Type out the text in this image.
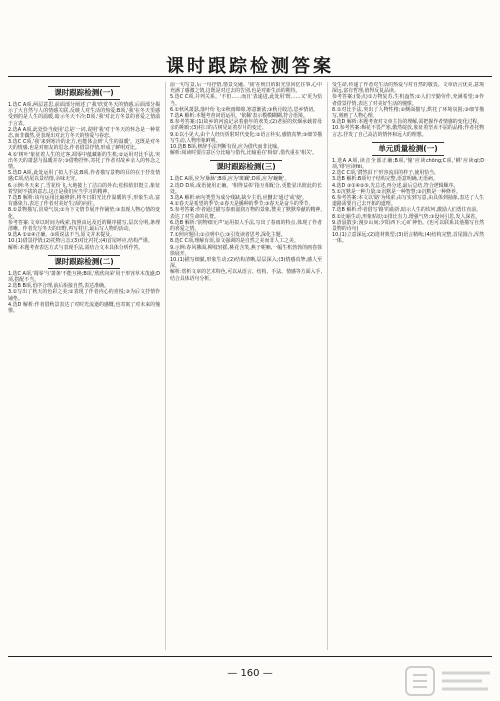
课时跟踪检测答案
课时跟踪检测(一)

1.选C A项,两层意思,前面部分阐述了'我'欣赏冬天的情感,后面部分揭示了大自然与人的情感关联,反映人对生活的热爱;B项,'我'在冬天里感受到的是人生的温暖,暗示冬天不冷;D项,'我'对北方冬景的喜爱之情溢于言表。

2.选A A项,此处恰当使用'总是'一词,说明'我'对于冬天的怀念是一种常态,而非偶然,更表现出对北方冬天的热爱与眷恋。

3.选C C项,'我'来到寒冷的北方,也能体会到'人生的温暖'。这既是对冬天的情感,也是对朋友的思念,作者借景抒情,形成了鲜明对比。

4.①'树叶'象征着人生的过客,凋零中蕴藏新的生机;②运用对比手法,突出冬天的萧瑟与温暖并存;③借物抒怀,寄托了作者对故乡亲人的怀念之情。

5.选D A项,此处运用了拟人手法;B项,作者描写景物的目的在于抒发情感;C项,结尾以景结情,余味无穷。

6.示例:冬天来了,雪花纷飞,大地披上了洁白的外衣;松柏依旧挺立,象征着坚韧不拔的意志,这正是我们应当学习的精神。

7.选B 解析:该句运用比喻修辞,将冬日阳光比作温暖的手,形象生动,富有感染力,表达了作者对美好生活的向往。

8.①景物描写,渲染气氛;②为下文情节展开作铺垫;③表现人物心情的变化。

参考答案:文章以时间为线索,按照由远及近的顺序描写,层次分明,条理清晰。作者先写冬天的田野,再写村庄,最后写人物的活动。

9.选A ①②④正确。③项说法不当,原文并未提及。

10.(1)借景抒情;(2)托物言志;(3)对比衬托;(4)首尾呼应,结构严谨。

解析:本题考查表达方式与表现手法,需结合文本具体分析作答。

课时跟踪检测(二)

1.选C A项,'凋零'与'萧条'不能互换;B项,'欣欣向荣'用于形容草木茂盛;D项,搭配不当。

2.选B B项,语序合理,前后衔接自然,表达准确。

3.①写出了秋天的色彩之美;②表现了作者内心的喜悦;③为后文抒情作铺垫。

4.选D 解析:作者借秋景表达了对时光流逝的感慨,也寄寓了对未来的憧憬。

前一句写景,后一句抒情,情景交融。'我'在秋日的阳光里回忆往事,心中充满了感激之情,这既是对过去的告别,也是对新生活的期待。

5.选C C项,并列关系。'不但……而且'表递进,此处用'既……又'更为恰当。

6.①秋风萧瑟,落叶纷飞;②秋雨绵绵,寒意渐浓;③秋月皎洁,思乡情切。

7.选A 解析:本题考查词语运用。'依稀'表示模模糊糊,符合语境。

8.参考答案:(1)故乡的河流记录着童年的欢笑;(2)老屋的炊烟承载着母亲的期盼;(3)村口的古树见证着岁月的变迁。

9.①以小见大,由个人经历折射时代变化;②语言朴实,感情真挚;③细节描写生动,人物形象鲜明。

10.选B B项,修辞手法判断有误,应为借代而非比喻。

解析:阅读时要注意区分比喻与借代,比喻重在'相似',借代重在'相关'。

课时跟踪检测(三)

1.选C A项,应为'脉脉';B项,应为'斑斓';D项,应为'蜿蜒'。

2.选D D项,成语使用正确。'相得益彰'指互相配合,更能显出彼此的长处。

3.选A 解析:病句类型为成分残缺,缺少主语,应删去'通过'或'使'。

4.①春天是希望的季节;②春天是播种的季节;③春天是奋斗的季节。

5.参考答案:作者通过描写春雨滋润万物的景象,赞美了默默奉献的精神,表达了对生命的礼赞。

6.选B 解析:'润物细无声'运用拟人手法,写出了春雨的特点,体现了作者的喜爱之情。

7.①照应题目;②点明中心;③引发读者思考,深化主题。

8.选C C项,理解有误,原文强调的是自然之美而非人工之美。

9.示例:春风拂面,柳枝轻摇,桃花含笑,燕子呢喃,一幅生机勃勃的画卷徐徐展开。

10.(1)描写细腻,形象生动;(2)结构清晰,层层深入;(3)情感真挚,感人至深。

解析:赏析文章的艺术特色,可以从语言、结构、手法、情感等方面入手,结合具体语句分析。

受生命,传递了作者对生活的热爱与对自然的敬畏。文章语言优美,意境深远,富有哲理,值得反复品读。

参考答案:(要点)①万物复苏,生机盎然;②人们辛勤劳作,充满希望;③作者借景抒情,表达了对美好生活的憧憬。

8.①对比手法,突出了人物性格;②侧面描写,烘托了环境氛围;③细节描写,刻画了人物心理。

9.选D 解析:本题考查对文章主旨的理解,需把握作者情感的变化过程。

10.参考答案:梅花不畏严寒,傲然绽放,象征着坚贞不屈的品格;作者托物言志,抒发了自己高洁的情怀和远大的理想。

单元质量检测(一)

1.选A A项,读音全部正确;B项,'憧'应读chōng;C项,'栖'应读qī;D项,'绯'应读fēi。

2.选C C项,'潸然泪下'形容流泪的样子,使用恰当。

3.选B 解析:B项句子结构完整,语意明确,无语病。

4.选D ③①④②⑤,先总述,再分述,最后总结,符合逻辑顺序。

5.①沉默是一种力量;②沉默是一种智慧;③沉默是一种修养。

6.参考答案:本文以'路'为线索,由写实到写意,由具体到抽象,表达了人生道路需要自己去开拓的道理。

7.选B 解析:作者借写'路'的曲折,暗示人生的坎坷,激励人们勇往直前。

8.①比喻生动,形象贴切;②排比有力,增强气势;③设问引思,发人深省。

9.清晨散步;漫步山间;夕阳西下;心旷神怡。(也可以联系其他描写自然景物的诗句)

10.(1)立意深远;(2)选材典型;(3)语言精练;(4)结构完整,首尾圆合,浑然一体。

— 160 —
